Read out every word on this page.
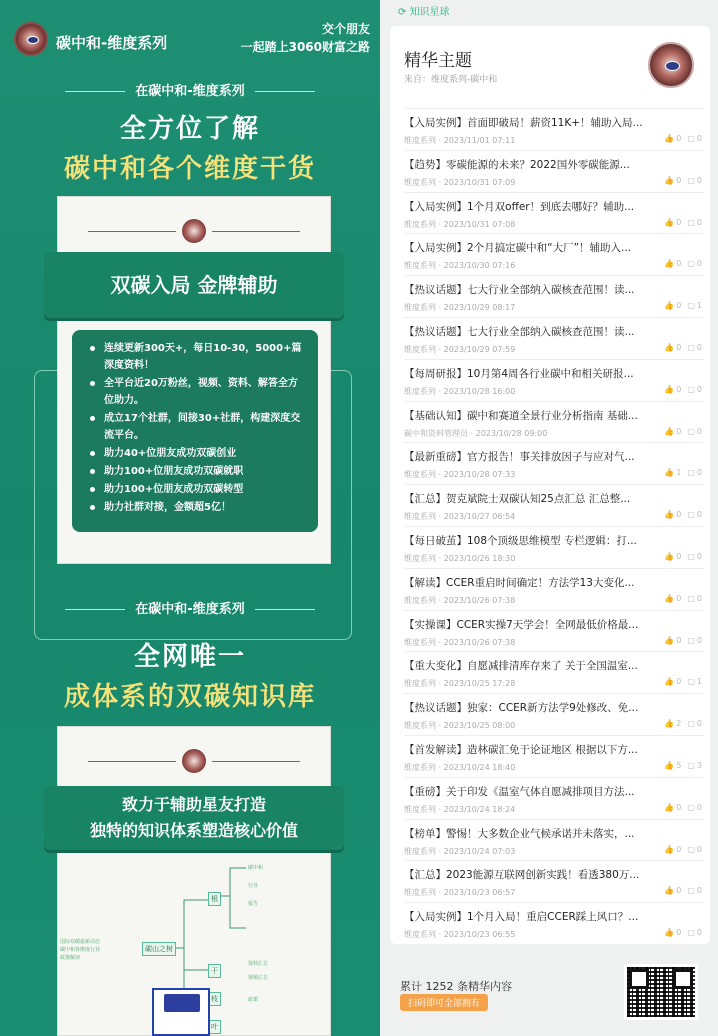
碳中和-维度系列
交个朋友
一起踏上3060财富之路
在碳中和-维度系列
全方位了解
碳中和各个维度干货
双碳入局 金牌辅助
连续更新300天+，每日10-30，5000+篇深度资料！
全平台近20万粉丝，视频、资料、解答全方位助力。
成立17个社群，间接30+社群，构建深度交流平台。
助力40+位朋友成功双碳创业
助力100+位朋友成功双碳就职
助力100+位朋友成功双碳转型
助力社群对接，金额超5亿！
在碳中和-维度系列
全网唯一
成体系的双碳知识库
致力于辅助星友打造
独特的知识体系塑造核心价值
国际双碳最新动态
碳中和各维度行业
政策解读
碳山之树
根
干
枝
叶
碳中和
行业
报告
资料汇总
视频汇总
政策
⟳ 知识星球
精华主题
来自：维度系列-碳中和
【入局实例】首面即破局！薪资11K+！辅助入局...
维度系列 · 2023/11/01 07:11	👍 0 ▢ 0
【趋势】零碳能源的未来？2022国外零碳能源...
维度系列 · 2023/10/31 07:09	👍 0 ▢ 0
【入局实例】1个月双offer！到底去哪好？辅助...
维度系列 · 2023/10/31 07:08	👍 0 ▢ 0
【入局实例】2个月搞定碳中和“大厂”！辅助入...
维度系列 · 2023/10/30 07:16	👍 0 ▢ 0
【热议话题】七大行业全部纳入碳核查范围！读...
维度系列 · 2023/10/29 08:17	👍 0 ▢ 1
【热议话题】七大行业全部纳入碳核查范围！读...
维度系列 · 2023/10/29 07:59	👍 0 ▢ 0
【每周研报】10月第4周各行业碳中和相关研报...
维度系列 · 2023/10/28 16:00	👍 0 ▢ 0
【基础认知】碳中和赛道全景行业分析指南 基础...
碳中和资料管理员 · 2023/10/28 09:00	👍 0 ▢ 0
【最新重磅】官方报告！事关排放因子与应对气...
维度系列 · 2023/10/28 07:33	👍 1 ▢ 0
【汇总】贺克斌院士双碳认知25点汇总 汇总整...
维度系列 · 2023/10/27 06:54	👍 0 ▢ 0
【每日破茧】108个顶级思维模型 专栏逻辑：打...
维度系列 · 2023/10/26 18:30	👍 0 ▢ 0
【解读】CCER重启时间确定！方法学13大变化...
维度系列 · 2023/10/26 07:38	👍 0 ▢ 0
【实操课】CCER实操7天学会！全网最低价格最...
维度系列 · 2023/10/26 07:38	👍 0 ▢ 0
【重大变化】自愿减排清库存来了 关于全国温室...
维度系列 · 2023/10/25 17:28	👍 0 ▢ 1
【热议话题】独家：CCER新方法学9处修改、免...
维度系列 · 2023/10/25 08:00	👍 2 ▢ 0
【首发解读】造林碳汇免于论证地区 根据以下方...
维度系列 · 2023/10/24 18:40	👍 5 ▢ 3
【重磅】关于印发《温室气体自愿减排项目方法...
维度系列 · 2023/10/24 18:24	👍 0 ▢ 0
【榜单】警惕！大多数企业气候承诺并未落实，...
维度系列 · 2023/10/24 07:03	👍 0 ▢ 0
【汇总】2023能源互联网创新实践！看透380万...
维度系列 · 2023/10/23 06:57	👍 0 ▢ 0
【入局实例】1个月入局！重启CCER踩上风口？...
维度系列 · 2023/10/23 06:55	👍 0 ▢ 0
累计 1252 条精华内容
扫码即可全部拥有
